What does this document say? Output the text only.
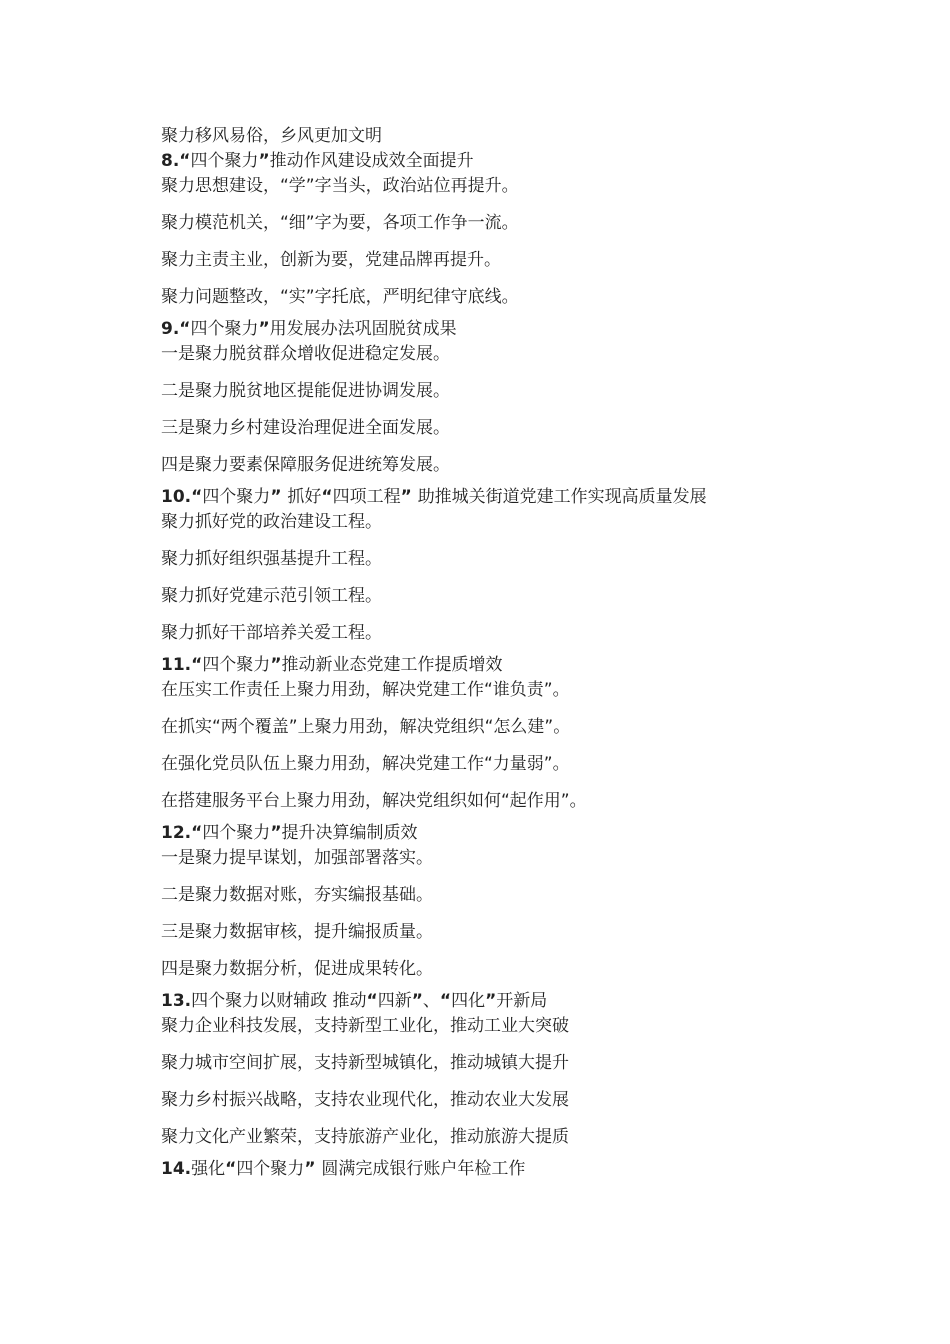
聚力移风易俗，乡风更加文明
8.“四个聚力”推动作风建设成效全面提升
聚力思想建设，“学”字当头，政治站位再提升。
聚力模范机关，“细”字为要，各项工作争一流。
聚力主责主业，创新为要，党建品牌再提升。
聚力问题整改，“实”字托底，严明纪律守底线。
9.“四个聚力”用发展办法巩固脱贫成果
一是聚力脱贫群众增收促进稳定发展。
二是聚力脱贫地区提能促进协调发展。
三是聚力乡村建设治理促进全面发展。
四是聚力要素保障服务促进统筹发展。
10.“四个聚力” 抓好“四项工程” 助推城关街道党建工作实现高质量发展
聚力抓好党的政治建设工程。
聚力抓好组织强基提升工程。
聚力抓好党建示范引领工程。
聚力抓好干部培养关爱工程。
11.“四个聚力”推动新业态党建工作提质增效
在压实工作责任上聚力用劲，解决党建工作“谁负责”。
在抓实“两个覆盖”上聚力用劲，解决党组织“怎么建”。
在强化党员队伍上聚力用劲，解决党建工作“力量弱”。
在搭建服务平台上聚力用劲，解决党组织如何“起作用”。
12.“四个聚力”提升决算编制质效
一是聚力提早谋划，加强部署落实。
二是聚力数据对账，夯实编报基础。
三是聚力数据审核，提升编报质量。
四是聚力数据分析，促进成果转化。
13.四个聚力以财辅政 推动“四新”、“四化”开新局
聚力企业科技发展，支持新型工业化，推动工业大突破
聚力城市空间扩展，支持新型城镇化，推动城镇大提升
聚力乡村振兴战略，支持农业现代化，推动农业大发展
聚力文化产业繁荣，支持旅游产业化，推动旅游大提质
14.强化“四个聚力” 圆满完成银行账户年检工作
